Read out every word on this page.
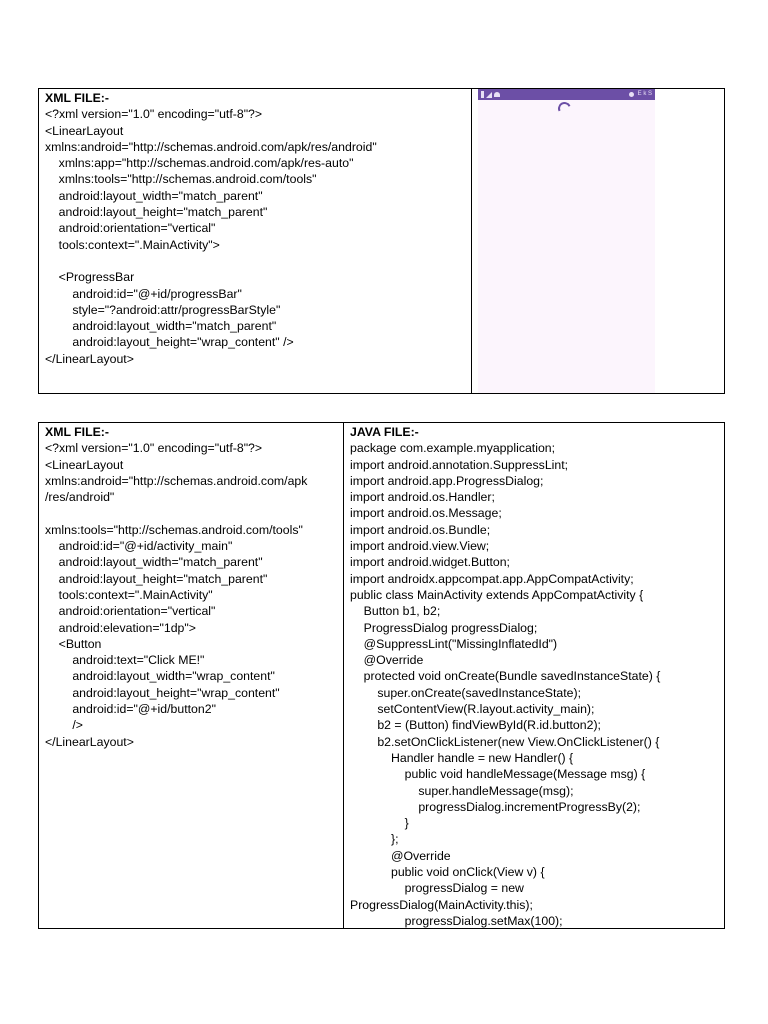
XML FILE:-
<?xml version="1.0" encoding="utf-8"?>
<LinearLayout
xmlns:android="http://schemas.android.com/apk/res/android"
xmlns:app="http://schemas.android.com/apk/res-auto"
xmlns:tools="http://schemas.android.com/tools"
android:layout_width="match_parent"
android:layout_height="match_parent"
android:orientation="vertical"
tools:context=".MainActivity">
<ProgressBar
android:id="@+id/progressBar"
style="?android:attr/progressBarStyle"
android:layout_width="match_parent"
android:layout_height="wrap_content" />
</LinearLayout>
E k S
XML FILE:-
<?xml version="1.0" encoding="utf-8"?>
<LinearLayout
xmlns:android="http://schemas.android.com/apk
/res/android"
xmlns:tools="http://schemas.android.com/tools"
android:id="@+id/activity_main"
android:layout_width="match_parent"
android:layout_height="match_parent"
tools:context=".MainActivity"
android:orientation="vertical"
android:elevation="1dp">
<Button
android:text="Click ME!"
android:layout_width="wrap_content"
android:layout_height="wrap_content"
android:id="@+id/button2"
/>
</LinearLayout>
JAVA FILE:-
package com.example.myapplication;
import android.annotation.SuppressLint;
import android.app.ProgressDialog;
import android.os.Handler;
import android.os.Message;
import android.os.Bundle;
import android.view.View;
import android.widget.Button;
import androidx.appcompat.app.AppCompatActivity;
public class MainActivity extends AppCompatActivity {
Button b1, b2;
ProgressDialog progressDialog;
@SuppressLint("MissingInflatedId")
@Override
protected void onCreate(Bundle savedInstanceState) {
super.onCreate(savedInstanceState);
setContentView(R.layout.activity_main);
b2 = (Button) findViewById(R.id.button2);
b2.setOnClickListener(new View.OnClickListener() {
Handler handle = new Handler() {
public void handleMessage(Message msg) {
super.handleMessage(msg);
progressDialog.incrementProgressBy(2);
}
};
@Override
public void onClick(View v) {
progressDialog = new
ProgressDialog(MainActivity.this);
progressDialog.setMax(100);
